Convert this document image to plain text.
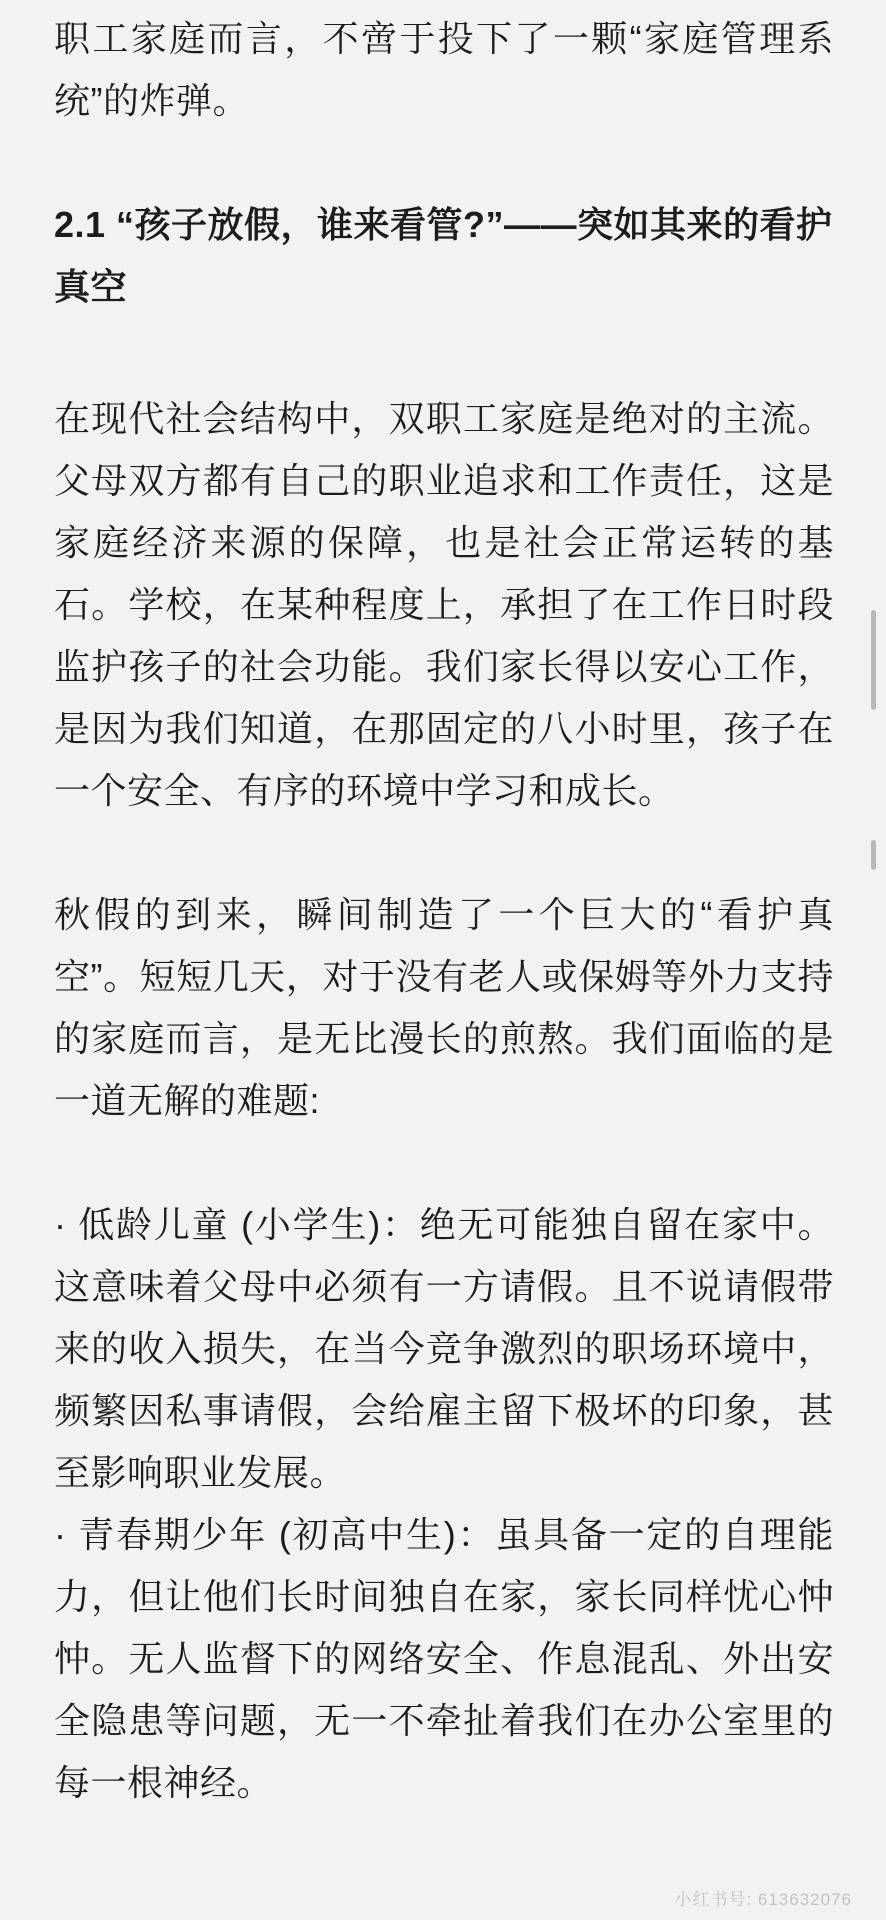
职工家庭而言，不啻于投下了一颗“家庭管理系统”的炸弹。

2.1 “孩子放假，谁来看管?”——突如其来的看护真空

在现代社会结构中，双职工家庭是绝对的主流。父母双方都有自己的职业追求和工作责任，这是家庭经济来源的保障，也是社会正常运转的基石。学校，在某种程度上，承担了在工作日时段监护孩子的社会功能。我们家长得以安心工作，是因为我们知道，在那固定的八小时里，孩子在一个安全、有序的环境中学习和成长。

秋假的到来，瞬间制造了一个巨大的“看护真空”。短短几天，对于没有老人或保姆等外力支持的家庭而言，是无比漫长的煎熬。我们面临的是一道无解的难题:

· 低龄儿童 (小学生)：绝无可能独自留在家中。这意味着父母中必须有一方请假。且不说请假带来的收入损失，在当今竞争激烈的职场环境中，频繁因私事请假，会给雇主留下极坏的印象，甚至影响职业发展。

· 青春期少年 (初高中生)：虽具备一定的自理能力，但让他们长时间独自在家，家长同样忧心忡忡。无人监督下的网络安全、作息混乱、外出安全隐患等问题，无一不牵扯着我们在办公室里的每一根神经。

小红书号: 613632076
